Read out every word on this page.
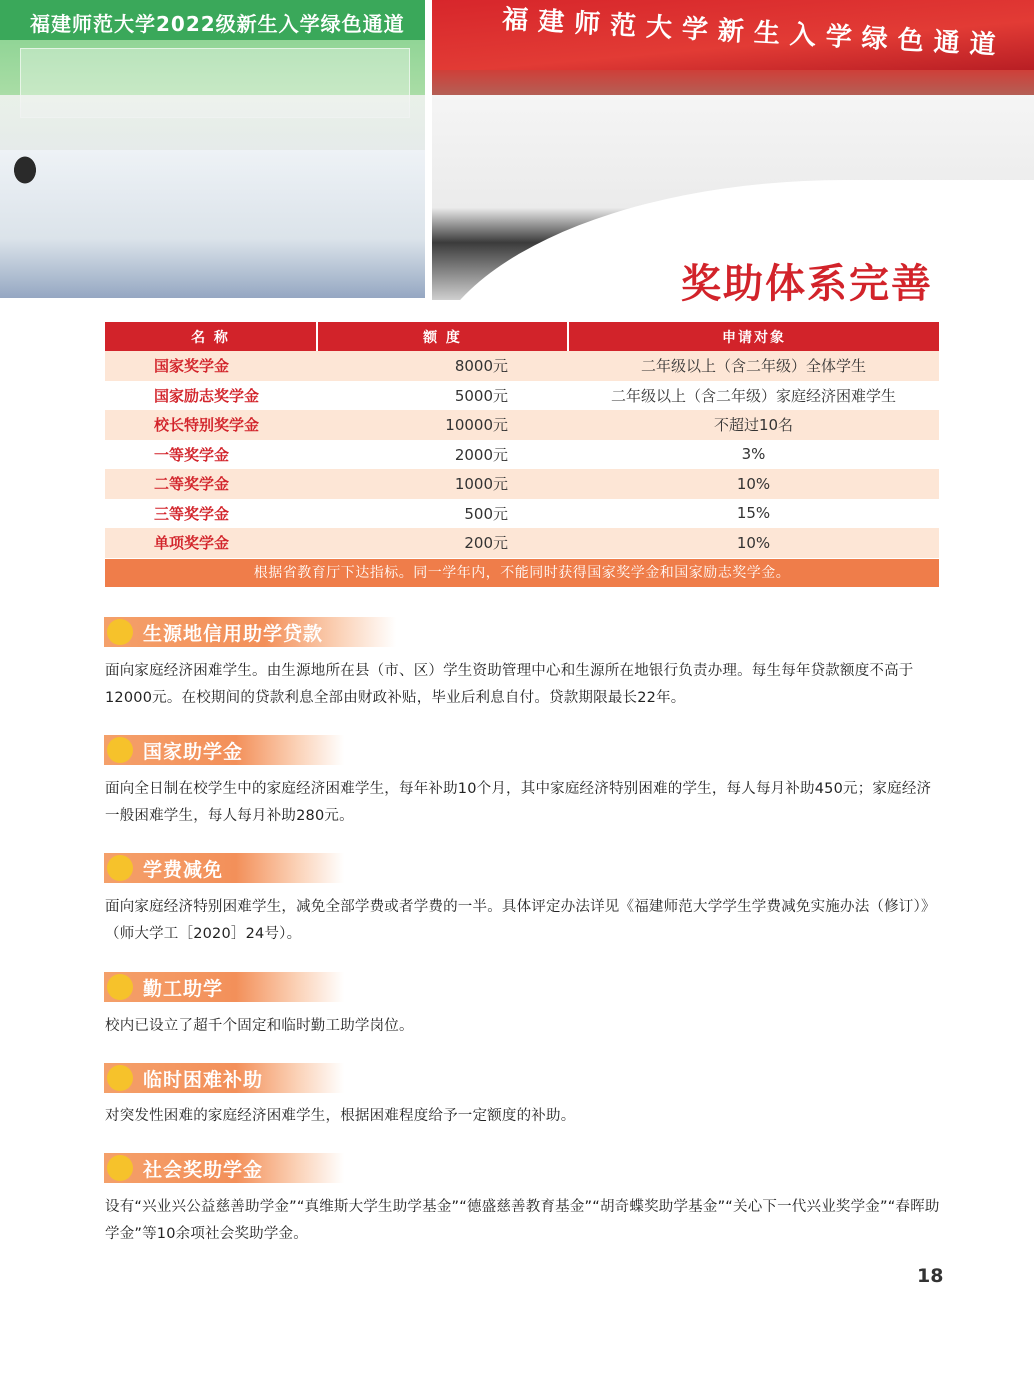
福建师范大学2022级新生入学绿色通道	福建师范大学新生入学绿色通道
奖助体系完善
名 称	额 度	申请对象
国家奖学金	8000元	二年级以上（含二年级）全体学生
国家励志奖学金	5000元	二年级以上（含二年级）家庭经济困难学生
校长特别奖学金	10000元	不超过10名
一等奖学金	2000元	3%
二等奖学金	1000元	10%
三等奖学金	500元	15%
单项奖学金	200元	10%
根据省教育厅下达指标。同一学年内，不能同时获得国家奖学金和国家励志奖学金。
生源地信用助学贷款
面向家庭经济困难学生。由生源地所在县（市、区）学生资助管理中心和生源所在地银行负责办理。每生每年贷款额度不高于12000元。在校期间的贷款利息全部由财政补贴，毕业后利息自付。贷款期限最长22年。
国家助学金
面向全日制在校学生中的家庭经济困难学生，每年补助10个月，其中家庭经济特别困难的学生，每人每月补助450元；家庭经济一般困难学生，每人每月补助280元。
学费减免
面向家庭经济特别困难学生，减免全部学费或者学费的一半。具体评定办法详见《福建师范大学学生学费减免实施办法（修订）》（师大学工［2020］24号）。
勤工助学
校内已设立了超千个固定和临时勤工助学岗位。
临时困难补助
对突发性困难的家庭经济困难学生，根据困难程度给予一定额度的补助。
社会奖助学金
设有“兴业兴公益慈善助学金”“真维斯大学生助学基金”“德盛慈善教育基金”“胡奇蝶奖助学基金”“关心下一代兴业奖学金”“春晖助学金”等10余项社会奖助学金。
18
